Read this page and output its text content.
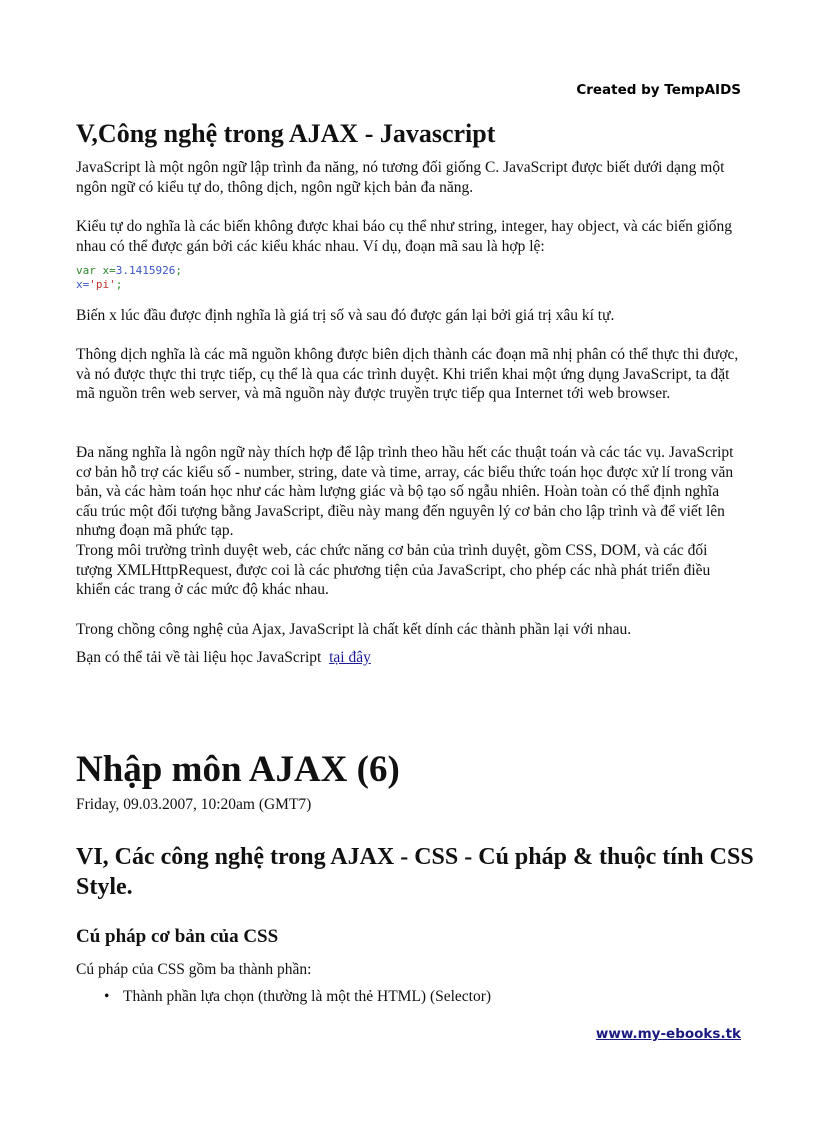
Created by TempAIDS
V,Công nghệ trong AJAX - Javascript

JavaScript là một ngôn ngữ lập trình đa năng, nó tương đối giống C. JavaScript được biết dưới dạng một ngôn ngữ có kiểu tự do, thông dịch, ngôn ngữ kịch bản đa năng.

Kiểu tự do nghĩa là các biến không được khai báo cụ thể như string, integer, hay object, và các biến giống nhau có thể được gán bởi các kiểu khác nhau. Ví dụ, đoạn mã sau là hợp lệ:

var x=3.1415926;
x='pi';

Biến x lúc đầu được định nghĩa là giá trị số và sau đó được gán lại bởi giá trị xâu kí tự.

Thông dịch nghĩa là các mã nguồn không được biên dịch thành các đoạn mã nhị phân có thể thực thi được, và nó được thực thi trực tiếp, cụ thể là qua các trình duyệt. Khi triển khai một ứng dụng JavaScript, ta đặt mã nguồn trên web server, và mã nguồn này được truyền trực tiếp qua Internet tới web browser.

Đa năng nghĩa là ngôn ngữ này thích hợp để lập trình theo hầu hết các thuật toán và các tác vụ. JavaScript cơ bản hỗ trợ các kiểu số - number, string, date và time, array, các biểu thức toán học được xử lí trong văn bản, và các hàm toán học như các hàm lượng giác và bộ tạo số ngẫu nhiên. Hoàn toàn có thể định nghĩa cấu trúc một đối tượng bằng JavaScript, điều này mang đến nguyên lý cơ bản cho lập trình và để viết lên nhưng đoạn mã phức tạp.

Trong môi trường trình duyệt web, các chức năng cơ bản của trình duyệt, gồm CSS, DOM, và các đối tượng XMLHttpRequest, được coi là các phương tiện của JavaScript, cho phép các nhà phát triển điều khiển các trang ở các mức độ khác nhau.

Trong chồng công nghệ của Ajax, JavaScript là chất kết dính các thành phần lại với nhau.

Bạn có thể tải về tài liệu học JavaScript tại đây

Nhập môn AJAX (6)
Friday, 09.03.2007, 10:20am (GMT7)
VI, Các công nghệ trong AJAX - CSS - Cú pháp & thuộc tính CSS Style.
Cú pháp cơ bản của CSS

Cú pháp của CSS gồm ba thành phần:

• Thành phần lựa chọn (thường là một thẻ HTML) (Selector)
www.my-ebooks.tk
